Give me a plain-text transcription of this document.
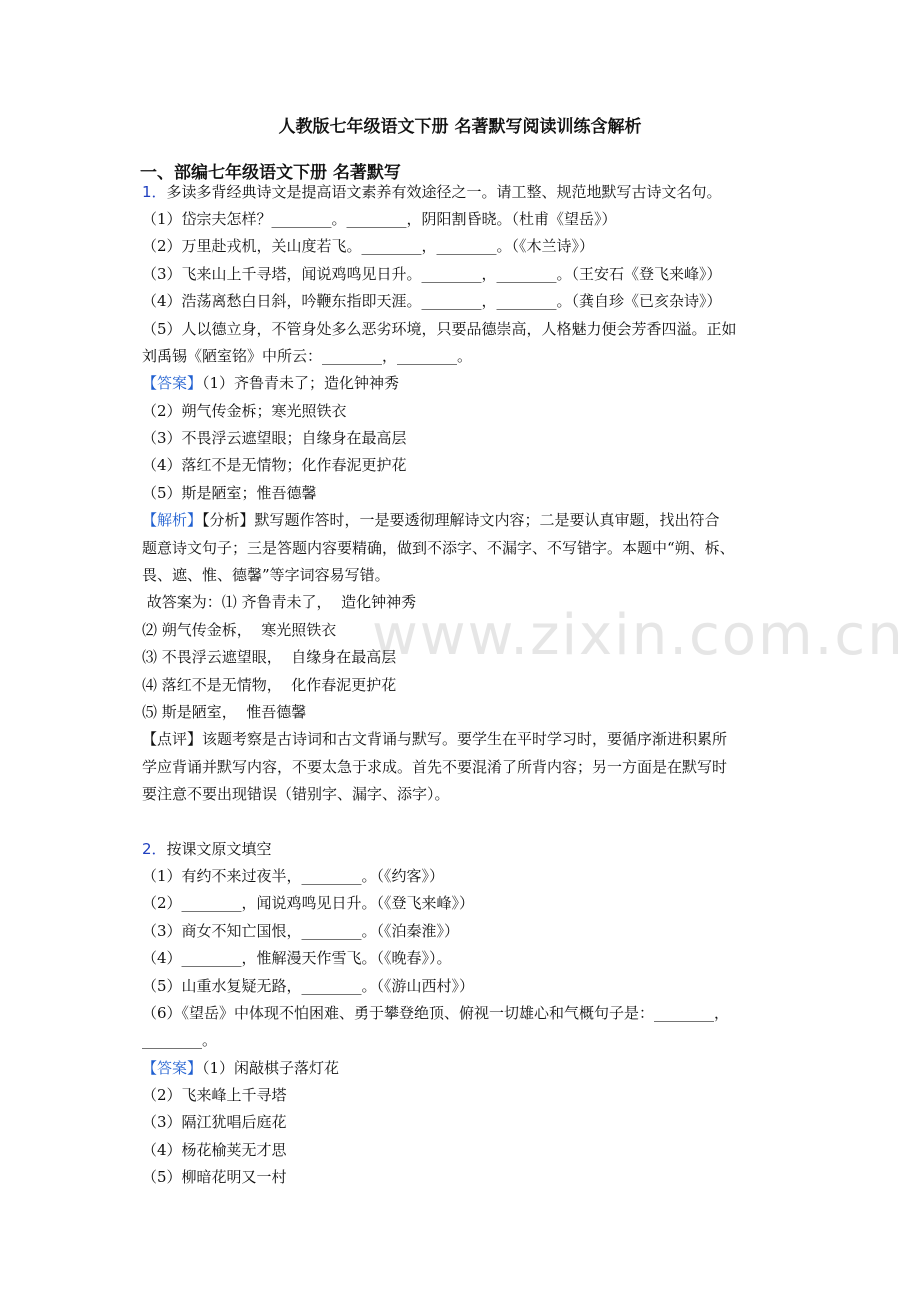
www.zixin.com.cn
人教版七年级语文下册 名著默写阅读训练含解析
一、部编七年级语文下册 名著默写
1．多读多背经典诗文是提高语文素养有效途径之一。请工整、规范地默写古诗文名句。
（1）岱宗夫怎样？________。________，阴阳割昏晓。（杜甫《望岳》）
（2）万里赴戎机，关山度若飞。________，________。（《木兰诗》）
（3）飞来山上千寻塔，闻说鸡鸣见日升。________，________。（王安石《登飞来峰》）
（4）浩荡离愁白日斜，吟鞭东指即天涯。________，________。（龚自珍《已亥杂诗》）
（5）人以德立身，不管身处多么恶劣环境，只要品德崇高，人格魅力便会芳香四溢。正如
刘禹锡《陋室铭》中所云：________，________。
【答案】（1）齐鲁青未了；造化钟神秀
（2）朔气传金柝；寒光照铁衣
（3）不畏浮云遮望眼；自缘身在最高层
（4）落红不是无情物；化作春泥更护花
（5）斯是陋室；惟吾德馨
【解析】【分析】默写题作答时，一是要透彻理解诗文内容；二是要认真审题，找出符合
题意诗文句子；三是答题内容要精确，做到不添字、不漏字、不写错字。本题中“朔、柝、
畏、遮、惟、德馨”等字词容易写错。
故答案为：⑴ 齐鲁青未了，  造化钟神秀
⑵ 朔气传金柝，  寒光照铁衣
⑶ 不畏浮云遮望眼，  自缘身在最高层
⑷ 落红不是无情物，  化作春泥更护花
⑸ 斯是陋室，  惟吾德馨
【点评】该题考察是古诗词和古文背诵与默写。要学生在平时学习时，要循序渐进积累所
学应背诵并默写内容，不要太急于求成。首先不要混淆了所背内容；另一方面是在默写时
要注意不要出现错误（错别字、漏字、添字）。
2．按课文原文填空
（1）有约不来过夜半，________。（《约客》）
（2）________，闻说鸡鸣见日升。（《登飞来峰》）
（3）商女不知亡国恨，________。（《泊秦淮》）
（4）________，惟解漫天作雪飞。（《晚春》）。
（5）山重水复疑无路，________。（《游山西村》）
（6）《望岳》中体现不怕困难、勇于攀登绝顶、俯视一切雄心和气概句子是：________，
________。
【答案】（1）闲敲棋子落灯花
（2）飞来峰上千寻塔
（3）隔江犹唱后庭花
（4）杨花榆荚无才思
（5）柳暗花明又一村
